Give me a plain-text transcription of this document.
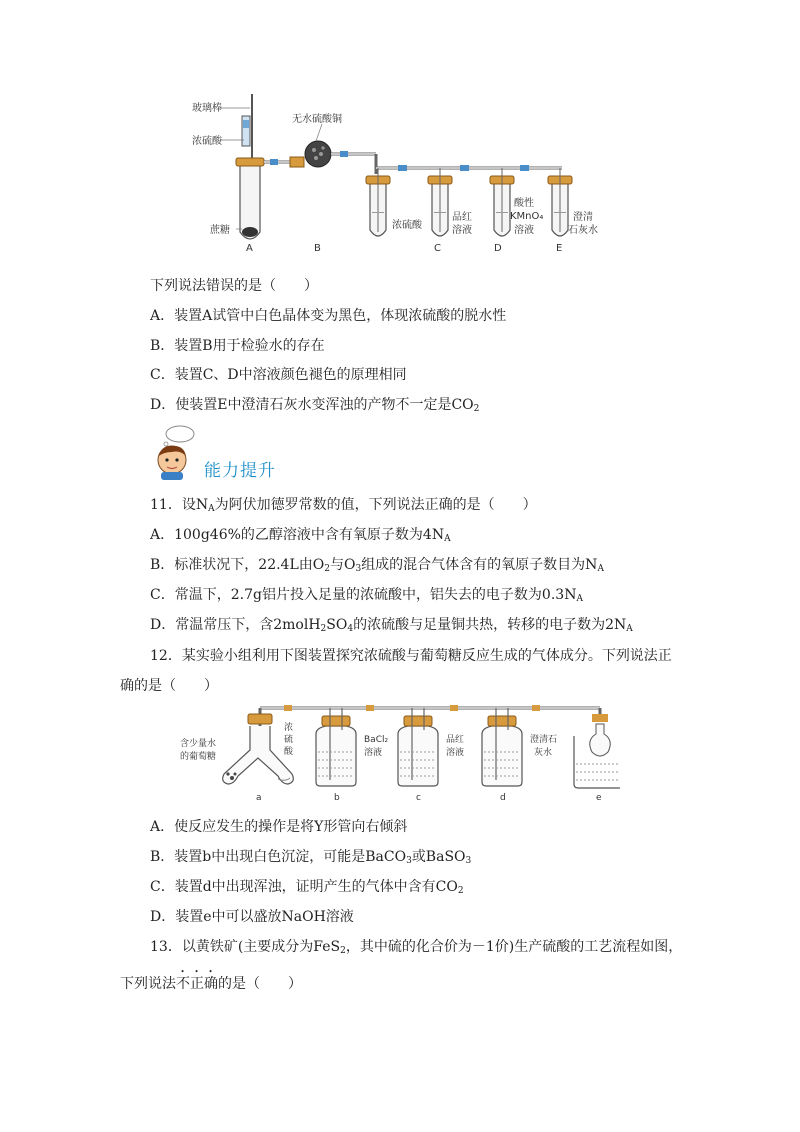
玻璃棒
浓硫酸
无水硫酸铜
蔗糖	浓硫酸
品红
溶液
酸性
KMnO₄
溶液
澄清
石灰水
A	B	C	D	E
下列说法错误的是（　　）
A．装置A试管中白色晶体变为黑色，体现浓硫酸的脱水性
B．装置B用于检验水的存在
C．装置C、D中溶液颜色褪色的原理相同
D．使装置E中澄清石灰水变浑浊的产物不一定是$CO_2$
能力提升
11．设$N_A$为阿伏加德罗常数的值，下列说法正确的是（　　）
A．100g46%的乙醇溶液中含有氧原子数为$4N_A$
B．标准状况下，22.4L由$O_2$与$O_3$组成的混合气体含有的氧原子数目为$N_A$
C．常温下，2.7g铝片投入足量的浓硫酸中，铝失去的电子数为$0.3N_A$
D．常温常压下，含$2molH_2SO_4$的浓硫酸与足量铜共热，转移的电子数为$2N_A$
12．某实验小组利用下图装置探究浓硫酸与葡萄糖反应生成的气体成分。下列说法正
确的是（　　）
含少量水
的葡萄糖
浓
硫
酸
BaCl₂
溶液
品红
溶液
澄清石
灰水
a	b	c	d	e
A．使反应发生的操作是将Y形管向右倾斜
B．装置b中出现白色沉淀，可能是BaCO$_3$或BaSO$_3$
C．装置d中出现浑浊，证明产生的气体中含有$CO_2$
D．装置e中可以盛放NaOH溶液
13．以黄铁矿(主要成分为FeS$_2$，其中硫的化合价为－1价)生产硫酸的工艺流程如图，
下列说法不正确的是（　　）
